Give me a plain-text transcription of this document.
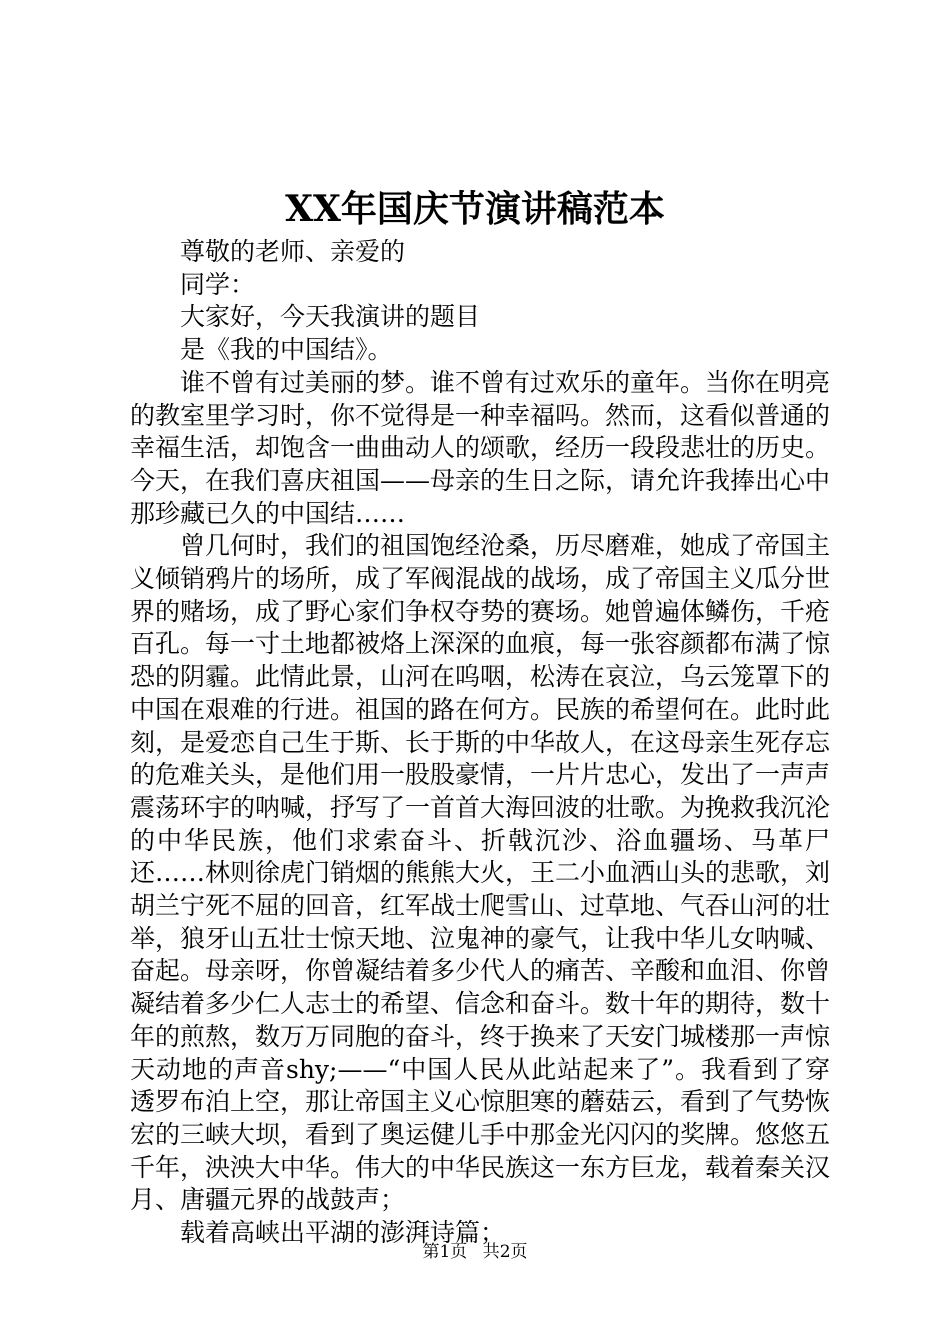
XX年国庆节演讲稿范本

尊敬的老师、亲爱的

同学：

大家好，今天我演讲的题目

是《我的中国结》。

谁不曾有过美丽的梦。谁不曾有过欢乐的童年。当你在明亮的教室里学习时，你不觉得是一种幸福吗。然而，这看似普通的幸福生活，却饱含一曲曲动人的颂歌，经历一段段悲壮的历史。今天，在我们喜庆祖国——母亲的生日之际，请允许我捧出心中那珍藏已久的中国结……

曾几何时，我们的祖国饱经沧桑，历尽磨难，她成了帝国主义倾销鸦片的场所，成了军阀混战的战场，成了帝国主义瓜分世界的赌场，成了野心家们争权夺势的赛场。她曾遍体鳞伤，千疮百孔。每一寸土地都被烙上深深的血痕，每一张容颜都布满了惊恐的阴霾。此情此景，山河在呜咽，松涛在哀泣，乌云笼罩下的中国在艰难的行进。祖国的路在何方。民族的希望何在。此时此刻，是爱恋自己生于斯、长于斯的中华故人，在这母亲生死存忘的危难关头，是他们用一股股豪情，一片片忠心，发出了一声声震荡环宇的呐喊，抒写了一首首大海回波的壮歌。为挽救我沉沦的中华民族，他们求索奋斗、折戟沉沙、浴血疆场、马革尸还……林则徐虎门销烟的熊熊大火，王二小血洒山头的悲歌，刘胡兰宁死不屈的回音，红军战士爬雪山、过草地、气吞山河的壮举，狼牙山五壮士惊天地、泣鬼神的豪气，让我中华儿女呐喊、奋起。母亲呀，你曾凝结着多少代人的痛苦、辛酸和血泪、你曾凝结着多少仁人志士的希望、信念和奋斗。数十年的期待，数十年的煎熬，数万万同胞的奋斗，终于换来了天安门城楼那一声惊天动地的声音shy;——“中国人民从此站起来了”。我看到了穿透罗布泊上空，那让帝国主义心惊胆寒的蘑菇云，看到了气势恢宏的三峡大坝，看到了奥运健儿手中那金光闪闪的奖牌。悠悠五千年，泱泱大中华。伟大的中华民族这一东方巨龙，载着秦关汉月、唐疆元界的战鼓声；

载着高峡出平湖的澎湃诗篇；

第1页 共2页
